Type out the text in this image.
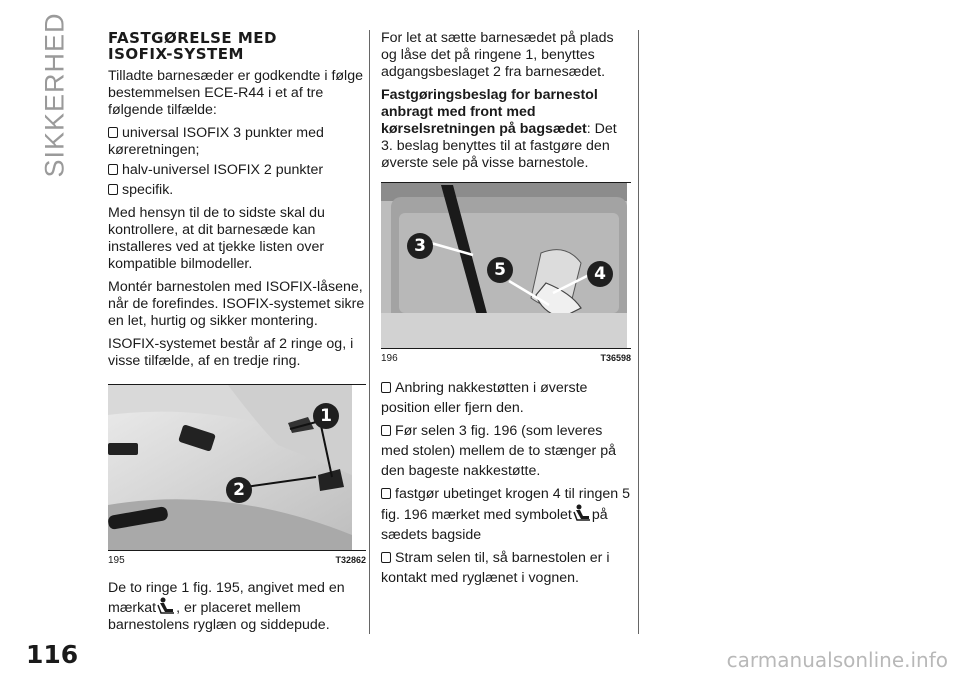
SIKKERHED	FASTGØRELSE MED
ISOFIX-SYSTEM

Tilladte barnesæder er godkendte i følge bestemmelsen ECE-R44 i et af tre følgende tilfælde:

universal ISOFIX 3 punkter med køreretningen;
halv-universel ISOFIX 2 punkter
specifik.

Med hensyn til de to sidste skal du kontrollere, at dit barnesæde kan installeres ved at tjekke listen over kompatible bilmodeller.

Montér barnestolen med ISOFIX-låsene, når de forefindes. ISOFIX-systemet sikre en let, hurtig og sikker montering.

ISOFIX-systemet består af 2 ringe og, i visse tilfælde, af en tredje ring.

1
2
195	T32862

De to ringe 1 fig. 195, angivet med en mærkat , er placeret mellem barnestolens ryglæn og siddepude.

For let at sætte barnesædet på plads og låse det på ringene 1, benyttes adgangsbeslaget 2 fra barnesædet.

Fastgøringsbeslag for barnestol anbragt med front med kørselsretningen på bagsædet: Det 3. beslag benyttes til at fastgøre den øverste sele på visse barnestole.

3
5	4
196	T36598
Anbring nakkestøtten i øverste position eller fjern den.
Før selen 3 fig. 196 (som leveres med stolen) mellem de to stænger på den bageste nakkestøtte.
fastgør ubetinget krogen 4 til ringen 5 fig. 196 mærket med symbolet på sædets bagside
Stram selen til, så barnestolen er i kontakt med ryglænet i vognen.
116	carmanualsonline.info
